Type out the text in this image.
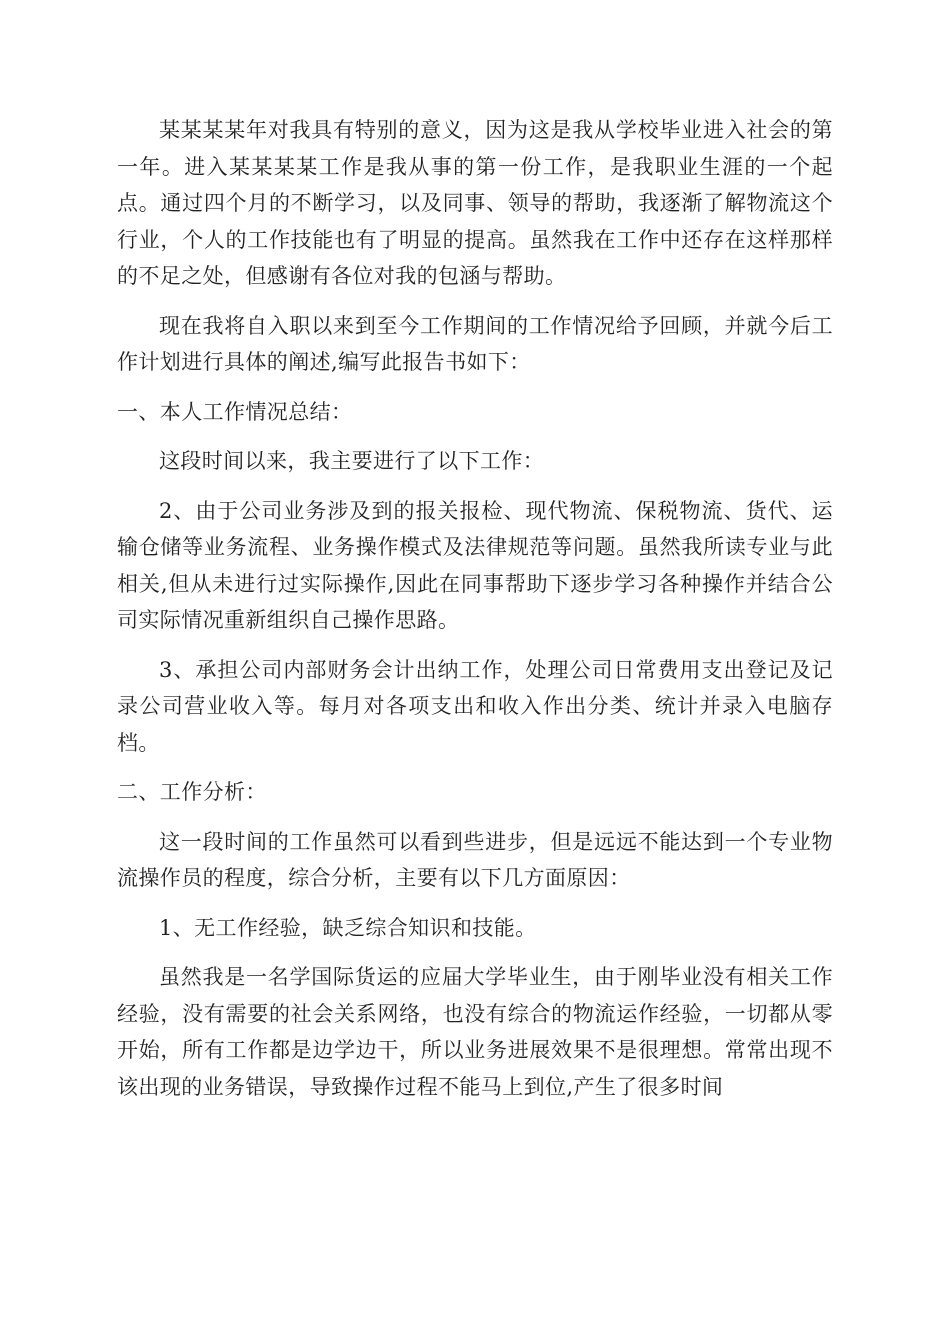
某某某某年对我具有特别的意义，因为这是我从学校毕业进入社会的第一年。进入某某某某工作是我从事的第一份工作，是我职业生涯的一个起点。通过四个月的不断学习，以及同事、领导的帮助，我逐渐了解物流这个行业，个人的工作技能也有了明显的提高。虽然我在工作中还存在这样那样的不足之处，但感谢有各位对我的包涵与帮助。

现在我将自入职以来到至今工作期间的工作情况给予回顾，并就今后工作计划进行具体的阐述,编写此报告书如下：

一、本人工作情况总结：

这段时间以来，我主要进行了以下工作：

2、由于公司业务涉及到的报关报检、现代物流、保税物流、货代、运输仓储等业务流程、业务操作模式及法律规范等问题。虽然我所读专业与此相关,但从未进行过实际操作,因此在同事帮助下逐步学习各种操作并结合公司实际情况重新组织自己操作思路。

3、承担公司内部财务会计出纳工作，处理公司日常费用支出登记及记录公司营业收入等。每月对各项支出和收入作出分类、统计并录入电脑存档。

二、工作分析：

这一段时间的工作虽然可以看到些进步，但是远远不能达到一个专业物流操作员的程度，综合分析，主要有以下几方面原因：

1、无工作经验，缺乏综合知识和技能。

虽然我是一名学国际货运的应届大学毕业生，由于刚毕业没有相关工作经验，没有需要的社会关系网络，也没有综合的物流运作经验，一切都从零开始，所有工作都是边学边干，所以业务进展效果不是很理想。常常出现不该出现的业务错误，导致操作过程不能马上到位,产生了很多时间
